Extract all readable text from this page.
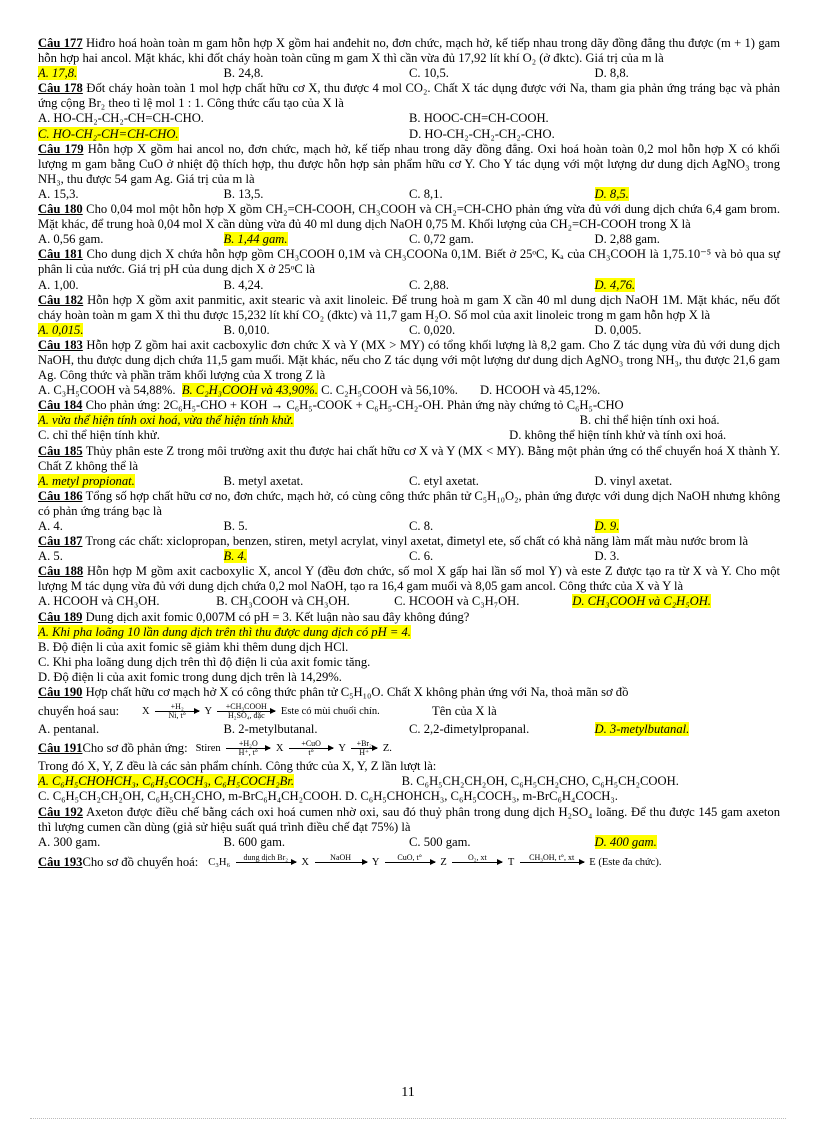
Câu 177 Hiđro hoá hoàn toàn m gam hỗn hợp X gồm hai anđehit no, đơn chức, mạch hở, kế tiếp nhau trong dãy đồng đẳng thu được (m + 1) gam hỗn hợp hai ancol. Mặt khác, khi đốt cháy hoàn toàn cũng m gam X thì cần vừa đủ 17,92 lít khí O₂ (ở đktc). Giá trị của m là
A. 17,8.	B. 24,8.	C. 10,5.	D. 8,8.
Câu 178 Đốt cháy hoàn toàn 1 mol hợp chất hữu cơ X, thu được 4 mol CO₂. Chất X tác dụng được với Na, tham gia phản ứng tráng bạc và phản ứng cộng Br₂ theo tỉ lệ mol 1 : 1. Công thức cấu tạo của X là
A. HO-CH₂-CH₂-CH=CH-CHO.	B. HOOC-CH=CH-COOH.
C. HO-CH₂-CH=CH-CHO.	D. HO-CH₂-CH₂-CH₂-CHO.
Câu 179 Hỗn hợp X gồm hai ancol no, đơn chức, mạch hở, kế tiếp nhau trong dãy đồng đẳng. Oxi hoá hoàn toàn 0,2 mol hỗn hợp X có khối lượng m gam bằng CuO ở nhiệt độ thích hợp, thu được hỗn hợp sản phẩm hữu cơ Y. Cho Y tác dụng với một lượng dư dung dịch AgNO₃ trong NH₃, thu được 54 gam Ag. Giá trị của m là
A. 15,3.	B. 13,5.	C. 8,1.	D. 8,5.
Câu 180 Cho 0,04 mol một hỗn hợp X gồm CH₂=CH-COOH, CH₃COOH và CH₂=CH-CHO phản ứng vừa đủ với dung dịch chứa 6,4 gam brom. Mặt khác, để trung hoà 0,04 mol X cần dùng vừa đủ 40 ml dung dịch NaOH 0,75 M. Khối lượng của CH₂=CH-COOH trong X là
A. 0,56 gam.	B. 1,44 gam.	C. 0,72 gam.	D. 2,88 gam.
Câu 181 Cho dung dịch X chứa hỗn hợp gồm CH₃COOH 0,1M và CH₃COONa 0,1M. Biết ở 25ᵒC, Kₐ của CH₃COOH là 1,75.10⁻⁵ và bỏ qua sự phân li của nước. Giá trị pH của dung dịch X ở 25ᵒC là
A. 1,00.	B. 4,24.	C. 2,88.	D. 4,76.
Câu 182 Hỗn hợp X gồm axit panmitic, axit stearic và axit linoleic. Để trung hoà m gam X cần 40 ml dung dịch NaOH 1M. Mặt khác, nếu đốt cháy hoàn toàn m gam X thì thu được 15,232 lít khí CO₂ (đktc) và 11,7 gam H₂O. Số mol của axit linoleic trong m gam hỗn hợp X là
A. 0,015.	B. 0,010.	C. 0,020.	D. 0,005.
Câu 183 Hỗn hợp Z gồm hai axit cacboxylic đơn chức X và Y (MX > MY) có tổng khối lượng là 8,2 gam. Cho Z tác dụng vừa đủ với dung dịch NaOH, thu được dung dịch chứa 11,5 gam muối. Mặt khác, nếu cho Z tác dụng với một lượng dư dung dịch AgNO₃ trong NH₃, thu được 21,6 gam Ag. Công thức và phần trăm khối lượng của X trong Z là
A. C₃H₅COOH và 54,88%. B. C₂H₃COOH và 43,90%. C. C₂H₅COOH và 56,10%. D. HCOOH và 45,12%.
Câu 184 Cho phản ứng: 2C₆H₅-CHO + KOH → C₆H₅-COOK + C₆H₅-CH₂-OH. Phản ứng này chứng tỏ C₆H₅-CHO
A. vừa thể hiện tính oxi hoá, vừa thể hiện tính khử.	B. chỉ thể hiện tính oxi hoá.
C. chỉ thể hiện tính khử.	D. không thể hiện tính khử và tính oxi hoá.
Câu 185 Thủy phân este Z trong môi trường axit thu được hai chất hữu cơ X và Y (MX < MY). Bằng một phản ứng có thể chuyển hoá X thành Y. Chất Z không thể là
A. metyl propionat.	B. metyl axetat.	C. etyl axetat.	D. vinyl axetat.
Câu 186 Tổng số hợp chất hữu cơ no, đơn chức, mạch hở, có cùng công thức phân tử C₅H₁₀O₂, phản ứng được với dung dịch NaOH nhưng không có phản ứng tráng bạc là
A. 4.	B. 5.	C. 8.	D. 9.
Câu 187 Trong các chất: xiclopropan, benzen, stiren, metyl acrylat, vinyl axetat, đimetyl ete, số chất có khả năng làm mất màu nước brom là
A. 5.	B. 4.	C. 6.	D. 3.
Câu 188 Hỗn hợp M gồm axit cacboxylic X, ancol Y (đều đơn chức, số mol X gấp hai lần số mol Y) và este Z được tạo ra từ X và Y. Cho một lượng M tác dụng vừa đủ với dung dịch chứa 0,2 mol NaOH, tạo ra 16,4 gam muối và 8,05 gam ancol. Công thức của X và Y là
A. HCOOH và CH₃OH.	B. CH₃COOH và CH₃OH.	C. HCOOH và C₃H₇OH.	D. CH₃COOH và C₂H₅OH.
Câu 189 Dung dịch axit fomic 0,007M có pH = 3. Kết luận nào sau đây không đúng?
A. Khi pha loãng 10 lần dung dịch trên thì thu được dung dịch có pH = 4.
B. Độ điện li của axit fomic sẽ giảm khi thêm dung dịch HCl.
C. Khi pha loãng dung dịch trên thì độ điện li của axit fomic tăng.
D. Độ điện li của axit fomic trong dung dịch trên là 14,29%.
Câu 190 Hợp chất hữu cơ mạch hở X có công thức phân tử C₅H₁₀O. Chất X không phản ứng với Na, thoả mãn sơ đồ
chuyển hoá sau:	X $\frac{\text{+H₂}}{Ni, t^\circ}$ Y +CH₃COOH
H₂SO₄, đặc Este có mùi chuối chín.	Tên của X là
A. pentanal.	B. 2-metylbutanal.	C. 2,2-đimetylpropanal.	D. 3-metylbutanal.
Câu 191 Cho sơ đồ phản ứng: Stiren $\frac{\text{+H₂O}}{H^+, t^\circ}$ X +CuO
t° Y $\frac{\text{+Br₂}}{H^+} Z$.
Trong đó X, Y, Z đều là các sản phẩm chính. Công thức của X, Y, Z lần lượt là:
A. C₆H₅CHOHCH₃, C₆H₅COCH₃, C₆H₅COCH₂Br.	B. C₆H₅CH₂CH₂OH, C₆H₅CH₂CHO, C₆H₅CH₂COOH.
C. C₆H₅CH₂CH₂OH, C₆H₅CH₂CHO, m-BrC₆H₄CH₂COOH. D. C₆H₅CHOHCH₃, C₆H₅COCH₃, m-BrC₆H₄COCH₃.
Câu 192 Axeton được điều chế bằng cách oxi hoá cumen nhờ oxi, sau đó thuỷ phân trong dung dịch H₂SO₄ loãng. Để thu được 145 gam axeton thì lượng cumen cần dùng (giả sử hiệu suất quá trình điều chế đạt 75%) là
A. 300 gam.	B. 600 gam.	C. 500 gam.	D. 400 gam.
Câu 193 Cho sơ đồ chuyển hoá: C₃H₆ dung dịch Br₂
X	NaOH
Y CuO, t°
Z	O₂, xt
T CH₃OH, t°, xt
E (Este đa chức).
11
